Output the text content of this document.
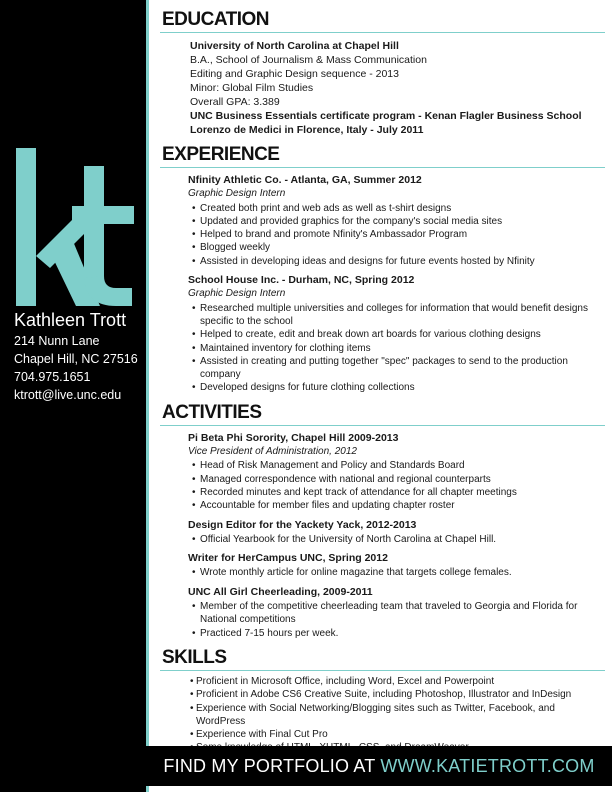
Kathleen Trott
214 Nunn Lane
Chapel Hill, NC 27516
704.975.1651
ktrott@live.unc.edu
EDUCATION
University of North Carolina at Chapel Hill
B.A., School of Journalism & Mass Communication
Editing and Graphic Design sequence - 2013
Minor: Global Film Studies
Overall GPA: 3.389
UNC Business Essentials certificate program - Kenan Flagler Business School
Lorenzo de Medici in Florence, Italy - July 2011
EXPERIENCE
Nfinity Athletic Co. - Atlanta, GA, Summer 2012
Graphic Design Intern
• Created both print and web ads as well as t-shirt designs
• Updated and provided graphics for the company's social media sites
• Helped to brand and promote Nfinity's Ambassador Program
• Blogged weekly
• Assisted in developing ideas and designs for future events hosted by Nfinity
School House Inc. - Durham, NC, Spring 2012
Graphic Design Intern
• Researched multiple universities and colleges for information that would benefit designs specific to the school
• Helped to create, edit and break down art boards for various clothing designs
• Maintained inventory for clothing items
• Assisted in creating and putting together "spec" packages to send to the production company
• Developed designs for future clothing collections
ACTIVITIES
Pi Beta Phi Sorority, Chapel Hill 2009-2013
Vice President of Administration, 2012
• Head of Risk Management and Policy and Standards Board
• Managed correspondence with national and regional counterparts
• Recorded minutes and kept track of attendance for all chapter meetings
• Accountable for member files and updating chapter roster
Design Editor for the Yackety Yack, 2012-2013
• Official Yearbook for the University of North Carolina at Chapel Hill.
Writer for HerCampus UNC, Spring 2012
• Wrote monthly article for online magazine that targets college females.
UNC All Girl Cheerleading, 2009-2011
• Member of the competitive cheerleading team that traveled to Georgia and Florida for National competitions
• Practiced 7-15 hours per week.
SKILLS
• Proficient in Microsoft Office, including Word, Excel and Powerpoint
• Proficient in Adobe CS6 Creative Suite, including Photoshop, Illustrator and InDesign
• Experience with Social Networking/Blogging sites such as Twitter, Facebook, and WordPress
• Experience with Final Cut Pro
•
FIND MY PORTFOLIO AT WWW.KATIETROTT.COM
